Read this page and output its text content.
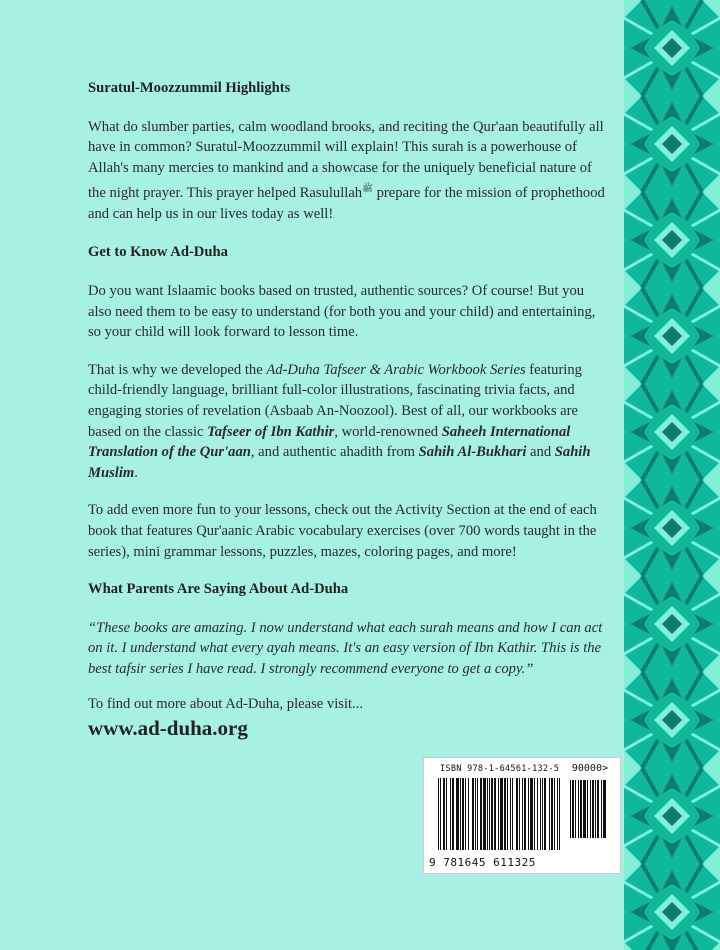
Suratul-Moozzummil Highlights

What do slumber parties, calm woodland brooks, and reciting the Qur'aan beautifully all have in common? Suratul-Moozzummil will explain! This surah is a powerhouse of Allah's many mercies to mankind and a showcase for the uniquely beneficial nature of the night prayer. This prayer helped Rasulullah$^ﷺ$ prepare for the mission of prophethood and can help us in our lives today as well!

Get to Know Ad-Duha

Do you want Islaamic books based on trusted, authentic sources? Of course! But you also need them to be easy to understand (for both you and your child) and entertaining, so your child will look forward to lesson time.

That is why we developed the Ad-Duha Tafseer & Arabic Workbook Series featuring child-friendly language, brilliant full-color illustrations, fascinating trivia facts, and engaging stories of revelation (Asbaab An-Noozool). Best of all, our workbooks are based on the classic Tafseer of Ibn Kathir, world-renowned Saheeh International Translation of the Qur'aan, and authentic ahadith from Sahih Al-Bukhari and Sahih Muslim.

To add even more fun to your lessons, check out the Activity Section at the end of each book that features Qur'aanic Arabic vocabulary exercises (over 700 words taught in the series), mini grammar lessons, puzzles, mazes, coloring pages, and more!

What Parents Are Saying About Ad-Duha

“These books are amazing. I now understand what each surah means and how I can act on it. I understand what every ayah means. It's an easy version of Ibn Kathir. This is the best tafsir series I have read. I strongly recommend everyone to get a copy.”

To find out more about Ad-Duha, please visit...

www.ad-duha.org
ISBN 978-1-64561-132-5 90000>
9 781645 611325
